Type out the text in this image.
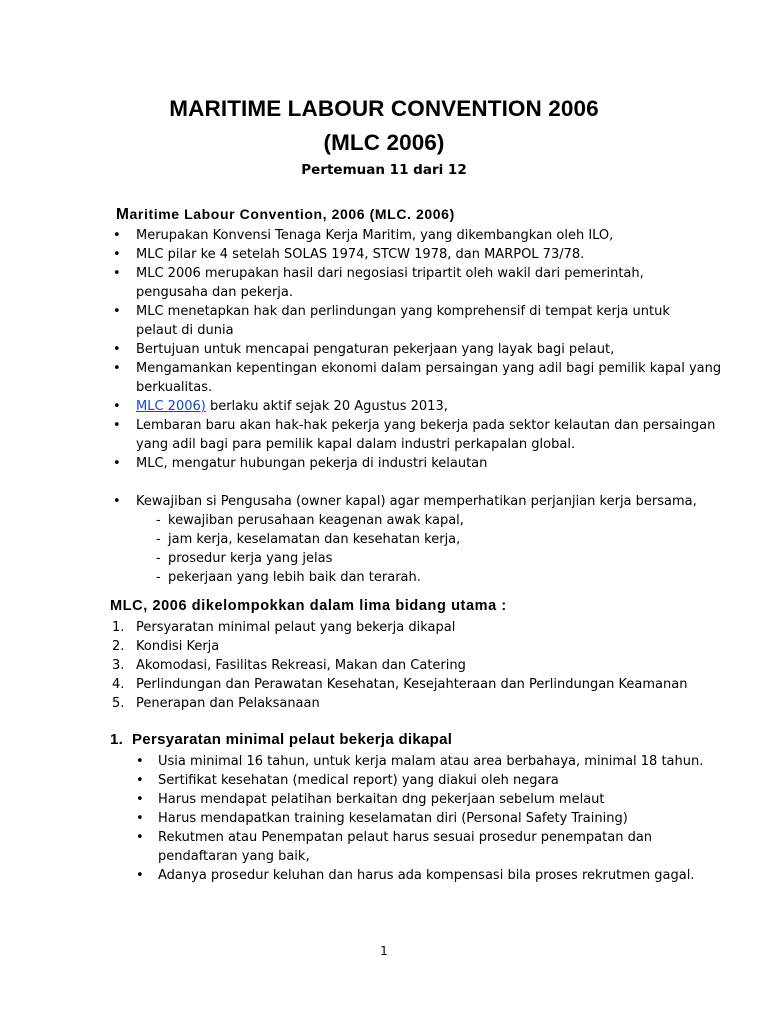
MARITIME LABOUR CONVENTION 2006
(MLC 2006)

Pertemuan 11 dari 12

Maritime Labour Convention, 2006 (MLC. 2006)
•	Merupakan Konvensi Tenaga Kerja Maritim, yang dikembangkan oleh ILO,
•	MLC pilar ke 4 setelah SOLAS 1974, STCW 1978, dan MARPOL 73/78.
•	MLC 2006 merupakan hasil dari negosiasi tripartit oleh wakil dari pemerintah,
pengusaha dan pekerja.
•	MLC menetapkan hak dan perlindungan yang komprehensif di tempat kerja untuk
pelaut di dunia
•	Bertujuan untuk mencapai pengaturan pekerjaan yang layak bagi pelaut,
•	Mengamankan kepentingan ekonomi dalam persaingan yang adil bagi pemilik kapal yang
berkualitas.
•	MLC 2006) berlaku aktif sejak 20 Agustus 2013,
•	Lembaran baru akan hak-hak pekerja yang bekerja pada sektor kelautan dan persaingan
yang adil bagi para pemilik kapal dalam industri perkapalan global.
•	MLC, mengatur hubungan pekerja di industri kelautan
•	Kewajiban si Pengusaha (owner kapal) agar memperhatikan perjanjian kerja bersama,
- kewajiban perusahaan keagenan awak kapal,
- jam kerja, keselamatan dan kesehatan kerja,
- prosedur kerja yang jelas
- pekerjaan yang lebih baik dan terarah.
MLC, 2006 dikelompokkan dalam lima bidang utama :
1. Persyaratan minimal pelaut yang bekerja dikapal
2. Kondisi Kerja
3. Akomodasi, Fasilitas Rekreasi, Makan dan Catering
4. Perlindungan dan Perawatan Kesehatan, Kesejahteraan dan Perlindungan Keamanan
5. Penerapan dan Pelaksanaan
1. Persyaratan minimal pelaut bekerja dikapal
•	Usia minimal 16 tahun, untuk kerja malam atau area berbahaya, minimal 18 tahun.
•	Sertifikat kesehatan (medical report) yang diakui oleh negara
•	Harus mendapat pelatihan berkaitan dng pekerjaan sebelum melaut
•	Harus mendapatkan training keselamatan diri (Personal Safety Training)
•	Rekutmen atau Penempatan pelaut harus sesuai prosedur penempatan dan
pendaftaran yang baik,
•	Adanya prosedur keluhan dan harus ada kompensasi bila proses rekrutmen gagal.
1
